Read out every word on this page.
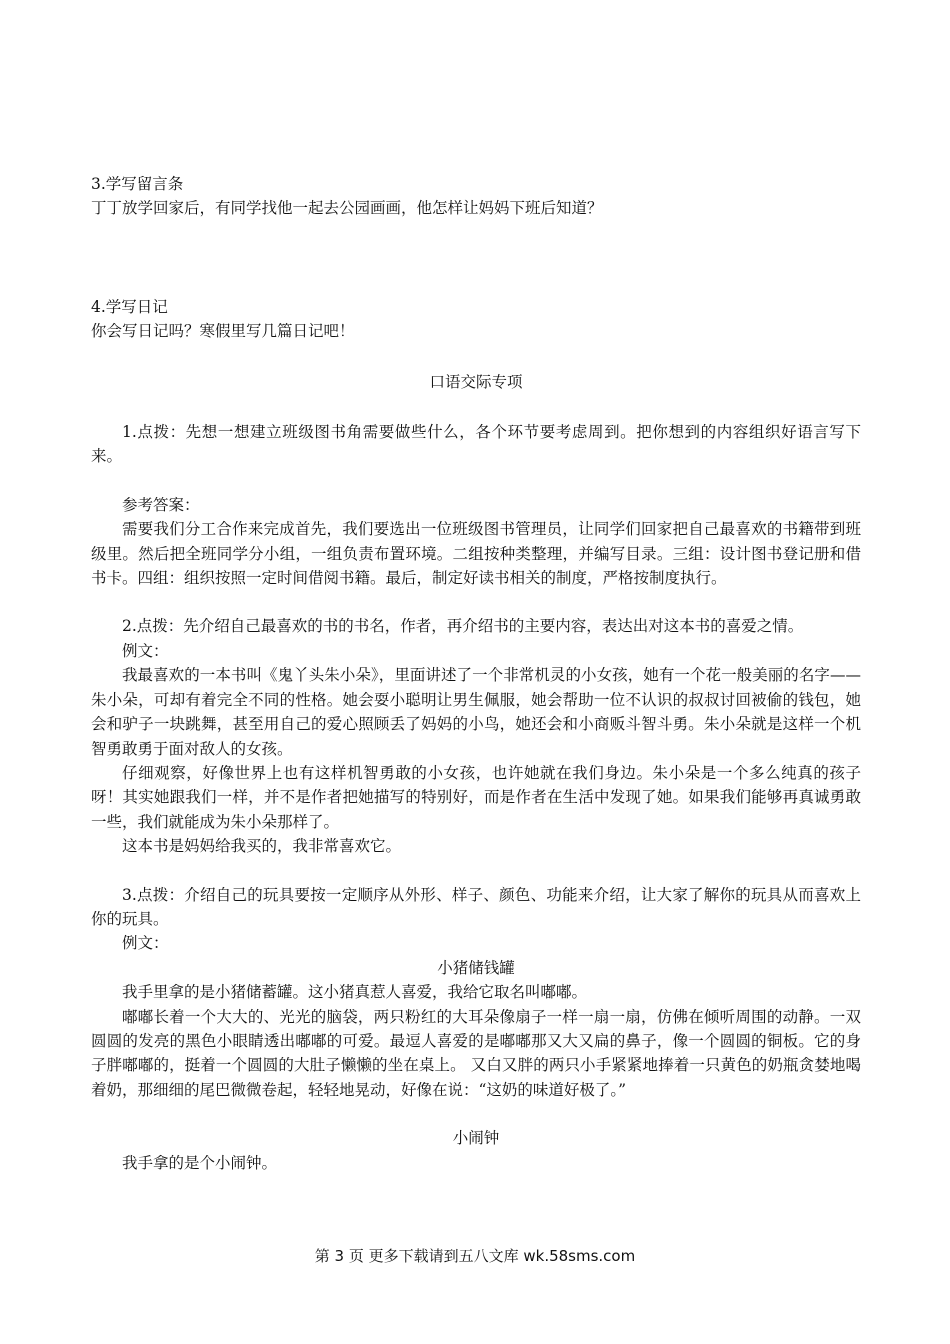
3.学写留言条

丁丁放学回家后，有同学找他一起去公园画画，他怎样让妈妈下班后知道？

4.学写日记

你会写日记吗？寒假里写几篇日记吧！

口语交际专项

1.点拨：先想一想建立班级图书角需要做些什么，各个环节要考虑周到。把你想到的内容组织好语言写下来。

参考答案：

需要我们分工合作来完成首先，我们要选出一位班级图书管理员，让同学们回家把自己最喜欢的书籍带到班级里。然后把全班同学分小组，一组负责布置环境。二组按种类整理，并编写目录。三组：设计图书登记册和借书卡。四组：组织按照一定时间借阅书籍。最后，制定好读书相关的制度，严格按制度执行。

2.点拨：先介绍自己最喜欢的书的书名，作者，再介绍书的主要内容，表达出对这本书的喜爱之情。

例文：

我最喜欢的一本书叫《鬼丫头朱小朵》，里面讲述了一个非常机灵的小女孩，她有一个花一般美丽的名字——朱小朵，可却有着完全不同的性格。她会耍小聪明让男生佩服，她会帮助一位不认识的叔叔讨回被偷的钱包，她会和驴子一块跳舞，甚至用自己的爱心照顾丢了妈妈的小鸟，她还会和小商贩斗智斗勇。朱小朵就是这样一个机智勇敢勇于面对敌人的女孩。

仔细观察，好像世界上也有这样机智勇敢的小女孩，也许她就在我们身边。朱小朵是一个多么纯真的孩子呀！其实她跟我们一样，并不是作者把她描写的特别好，而是作者在生活中发现了她。如果我们能够再真诚勇敢一些，我们就能成为朱小朵那样了。

这本书是妈妈给我买的，我非常喜欢它。

3.点拨：介绍自己的玩具要按一定顺序从外形、样子、颜色、功能来介绍，让大家了解你的玩具从而喜欢上你的玩具。

例文：

小猪储钱罐

我手里拿的是小猪储蓄罐。这小猪真惹人喜爱，我给它取名叫嘟嘟。

嘟嘟长着一个大大的、光光的脑袋，两只粉红的大耳朵像扇子一样一扇一扇，仿佛在倾听周围的动静。一双圆圆的发亮的黑色小眼睛透出嘟嘟的可爱。最逗人喜爱的是嘟嘟那又大又扁的鼻子，像一个圆圆的铜板。它的身子胖嘟嘟的，挺着一个圆圆的大肚子懒懒的坐在桌上。 又白又胖的两只小手紧紧地捧着一只黄色的奶瓶贪婪地喝着奶，那细细的尾巴微微卷起，轻轻地晃动，好像在说：“这奶的味道好极了。”

小闹钟

我手拿的是个小闹钟。

第 3 页 更多下载请到五八文库 wk.58sms.com
